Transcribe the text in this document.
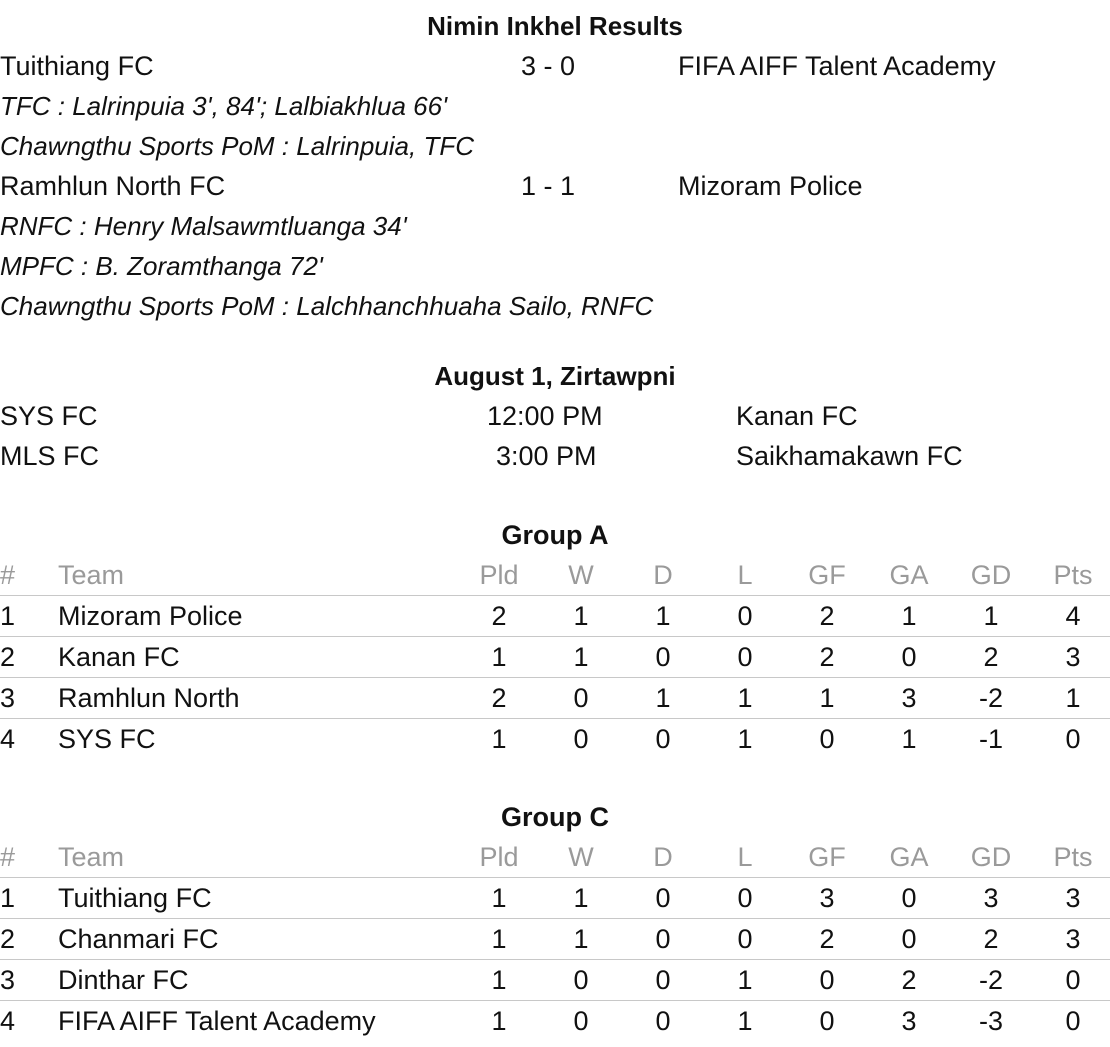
Nimin Inkhel Results
Tuithiang FC	3 - 0	FIFA AIFF Talent Academy
TFC : Lalrinpuia 3', 84'; Lalbiakhlua 66'
Chawngthu Sports PoM : Lalrinpuia, TFC
Ramhlun North FC	1 - 1	Mizoram Police
RNFC : Henry Malsawmtluanga 34'
MPFC : B. Zoramthanga 72'
Chawngthu Sports PoM : Lalchhanchhuaha Sailo, RNFC
August 1, Zirtawpni
SYS FC	12:00 PM	Kanan FC
MLS FC	3:00 PM	Saikhamakawn FC
Group A
#	Team	Pld	W	D	L	GF	GA	GD	Pts
1	Mizoram Police	2	1	1	0	2	1	1	4
2	Kanan FC	1	1	0	0	2	0	2	3
3	Ramhlun North	2	0	1	1	1	3	-2	1
4	SYS FC	1	0	0	1	0	1	-1	0
Group C
#	Team	Pld	W	D	L	GF	GA	GD	Pts
1	Tuithiang FC	1	1	0	0	3	0	3	3
2	Chanmari FC	1	1	0	0	2	0	2	3
3	Dinthar FC	1	0	0	1	0	2	-2	0
4	FIFA AIFF Talent Academy	1	0	0	1	0	3	-3	0
